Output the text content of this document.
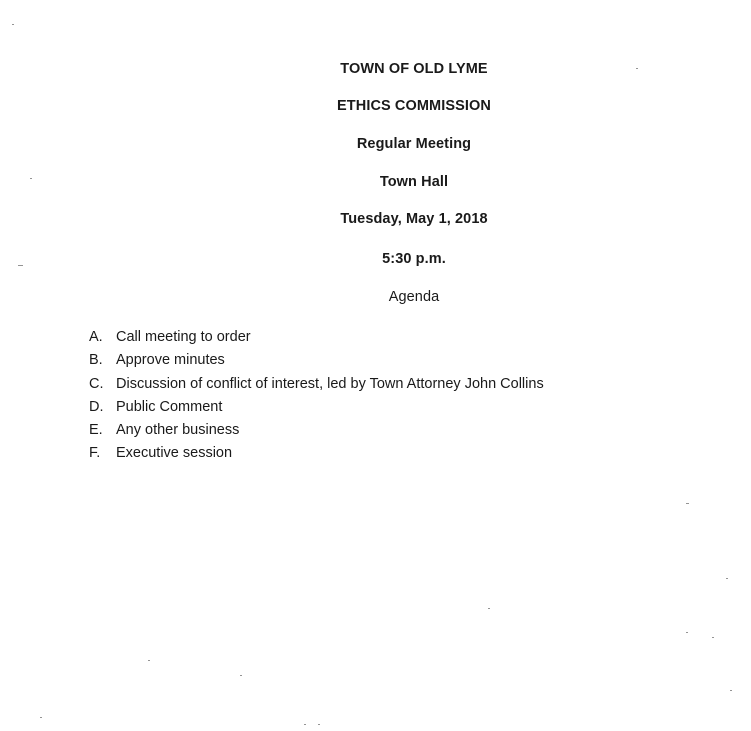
TOWN OF OLD LYME
ETHICS COMMISSION
Regular Meeting
Town Hall
Tuesday, May 1, 2018
5:30 p.m.
Agenda
A. Call meeting to order
B. Approve minutes
C. Discussion of conflict of interest, led by Town Attorney John Collins
D. Public Comment
E. Any other business
F. Executive session
